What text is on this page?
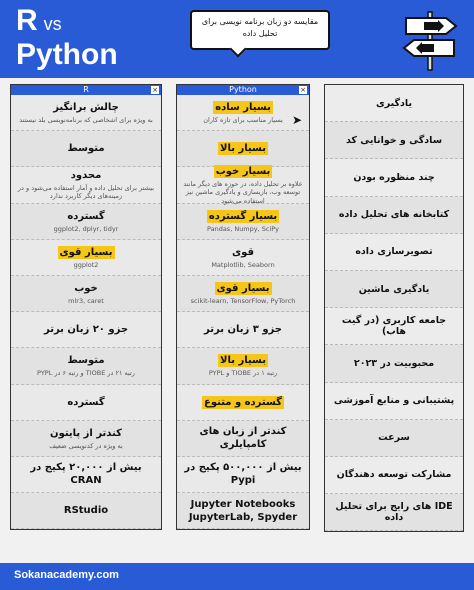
Rvs
Python
مقایسه دو زبان برنامه نویسی برای تحلیل داده
R	×
چالش برانگیز
به ویژه برای اشخاصی که برنامه‌نویسی بلد نیستند
متوسط
محدود
بیشتر برای تحلیل داده و آمار استفاده می‌شود و در زمینه‌های دیگر کاربرد ندارد
گسترده
ggplot2, dplyr, tidyr
بسیار قوی
ggplot2
خوب
mlr3, caret
جزو ۲۰ زبان برتر
متوسط
رتبه ۲۱ در TIOBE و رتبه ۶ در PYPL
گسترده
کندتر از پایتون
به ویژه در کدنویسی ضعیف
بیش از ۲۰,۰۰۰ پکیج در CRAN
RStudio
Python	×
بسیار ساده
بسیار مناسب برای تازه کاران
بسیار بالا
بسیار خوب
علاوه بر تحلیل داده، در حوزه های دیگر مانند توسعه وب، بازیسازی و یادگیری ماشین نیز استفاده می‌شود
بسیار گسترده
Pandas, Numpy, SciPy
قوی
Matplotlib, Seaborn
بسیار قوی
scikit-learn, TensorFlow, PyTorch
جزو ۳ زبان برتر
بسیار بالا
رتبه ۱ در TIOBE و PYPL
گسترده و متنوع
کندتر از زبان های کامپایلری
بیش از ۵۰۰,۰۰۰ پکیج در Pypi
Jupyter Notebooks JupyterLab, Spyder
یادگیری
سادگی و خوانایی کد
چند منظوره بودن
کتابخانه های تحلیل داده
تصویرسازی داده
یادگیری ماشین
جامعه کاربری (در گیت هاب)
محبوبیت در ۲۰۲۳
پشتیبانی و منابع آموزشی
سرعت
مشارکت توسعه دهندگان
IDE های رایج برای تحلیل داده
➤
Sokanacademy.com
